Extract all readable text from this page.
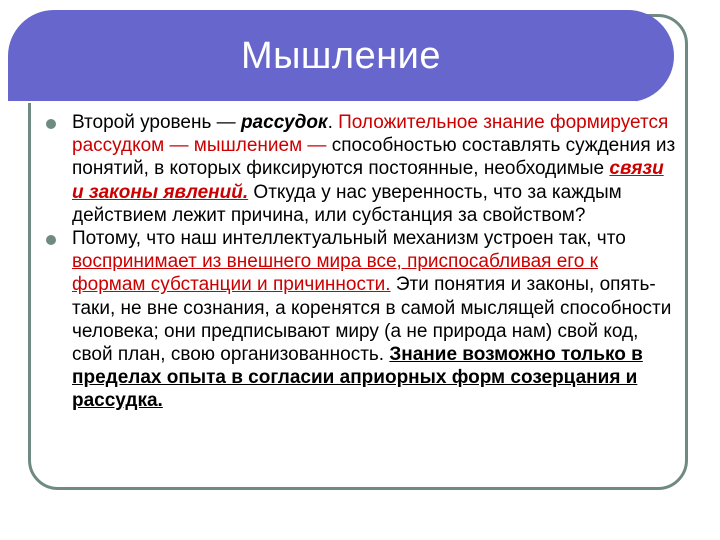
Мышление

Второй уровень — рассудок. Положительное знание формируется рассудком — мышлением — способностью составлять суждения из понятий, в которых фиксируются постоянные, необходимые связи и законы явлений. Откуда у нас уверенность, что за каждым действием лежит причина, или субстанция за свойством?

Потому, что наш интеллектуальный механизм устроен так, что воспринимает из внешнего мира все, приспосабливая его к формам субстанции и причинности. Эти понятия и законы, опять-таки, не вне сознания, а коренятся в самой мыслящей способности человека; они предписывают миру (а не природа нам) свой код, свой план, свою организованность. Знание возможно только в пределах опыта в согласии априорных форм созерцания и рассудка.
